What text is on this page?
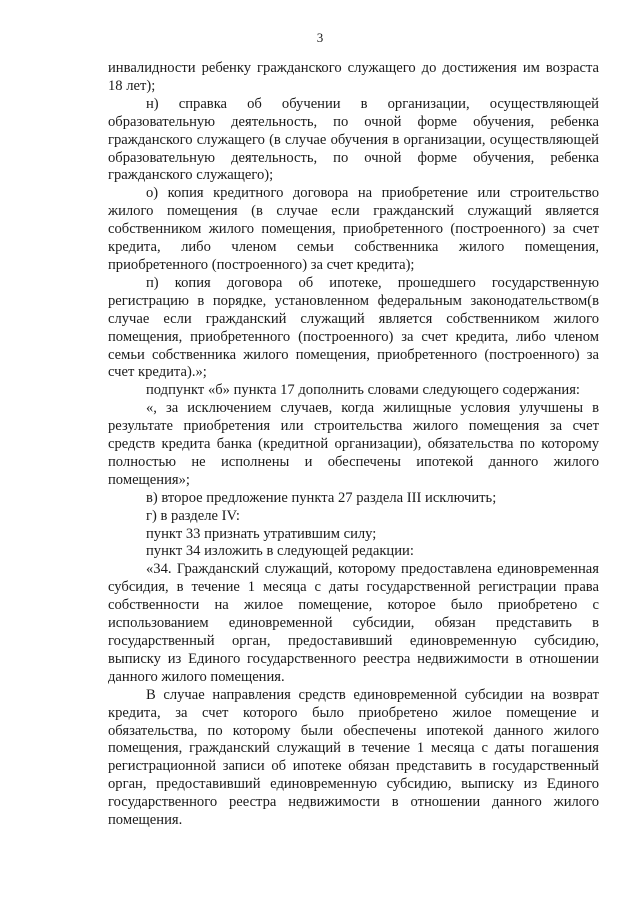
3

инвалидности ребенку гражданского служащего до достижения им возраста 18 лет);

н) справка об обучении в организации, осуществляющей образовательную деятельность, по очной форме обучения, ребенка гражданского служащего (в случае обучения в организации, осуществляющей образовательную деятельность, по очной форме обучения, ребенка гражданского служащего);

о) копия кредитного договора на приобретение или строительство жилого помещения (в случае если гражданский служащий является собственником жилого помещения, приобретенного (построенного) за счет кредита, либо членом семьи собственника жилого помещения, приобретенного (построенного) за счет кредита);

п) копия договора об ипотеке, прошедшего государственную регистрацию в порядке, установленном федеральным законодательством(в случае если гражданский служащий является собственником жилого помещения, приобретенного (построенного) за счет кредита, либо членом семьи собственника жилого помещения, приобретенного (построенного) за счет кредита).»;

подпункт «б» пункта 17 дополнить словами следующего содержания:

«, за исключением случаев, когда жилищные условия улучшены в результате приобретения или строительства жилого помещения за счет средств кредита банка (кредитной организации), обязательства по которому полностью не исполнены и обеспечены ипотекой данного жилого помещения»;

в) второе предложение пункта 27 раздела III исключить;

г) в разделе IV:

пункт 33 признать утратившим силу;

пункт 34 изложить в следующей редакции:

«34. Гражданский служащий, которому предоставлена единовременная субсидия, в течение 1 месяца с даты государственной регистрации права собственности на жилое помещение, которое было приобретено с использованием единовременной субсидии, обязан представить в государственный орган, предоставивший единовременную субсидию, выписку из Единого государственного реестра недвижимости в отношении данного жилого помещения.

В случае направления средств единовременной субсидии на возврат кредита, за счет которого было приобретено жилое помещение и обязательства, по которому были обеспечены ипотекой данного жилого помещения, гражданский служащий в течение 1 месяца с даты погашения регистрационной записи об ипотеке обязан представить в государственный орган, предоставивший единовременную субсидию, выписку из Единого государственного реестра недвижимости в отношении данного жилого помещения.
